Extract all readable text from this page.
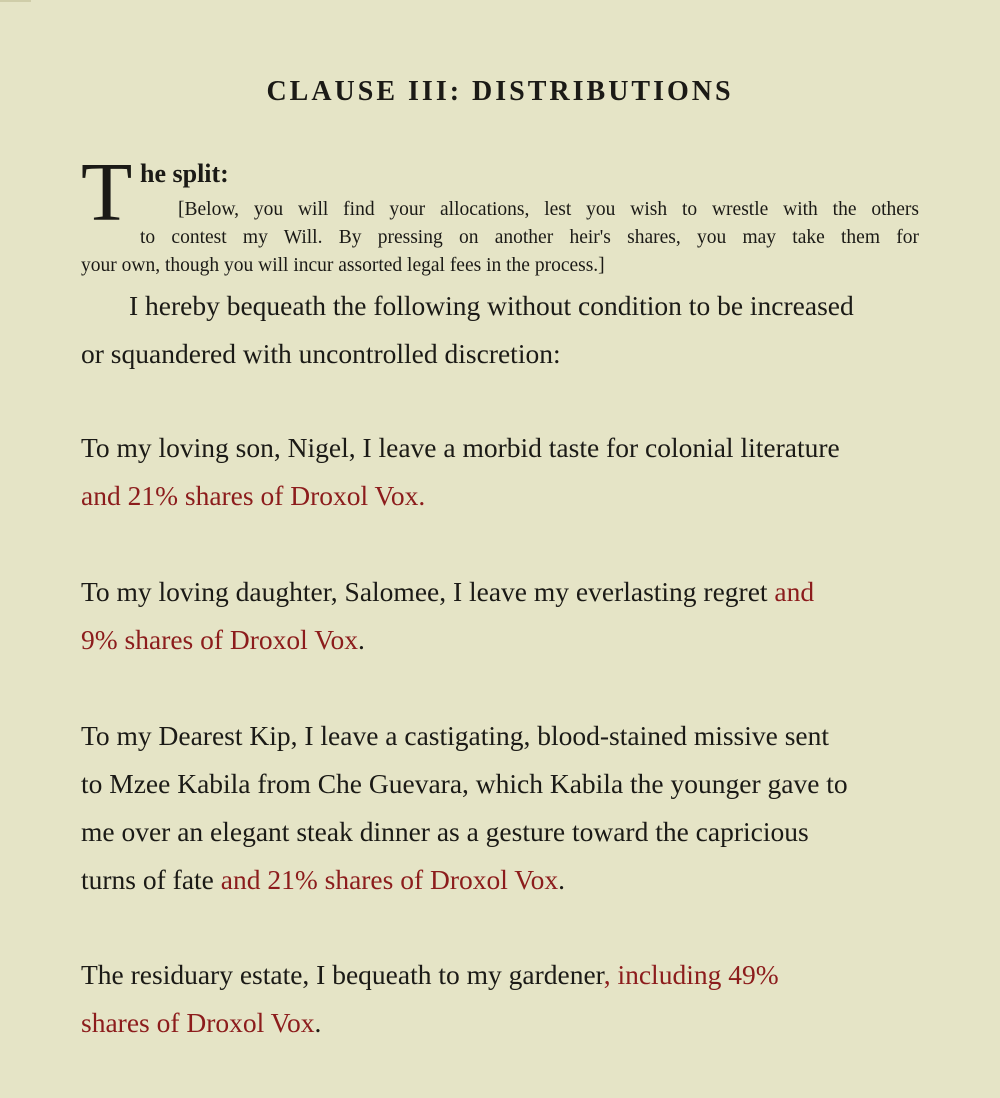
CLAUSE III: DISTRIBUTIONS
T he split:
[Below, you will find your allocations, lest you wish to wrestle with the others
to contest my Will. By pressing on another heir's shares, you may take them for
your own, though you will incur assorted legal fees in the process.]
I hereby bequeath the following without condition to be increased
or squandered with uncontrolled discretion:
To my loving son, Nigel, I leave a morbid taste for colonial literature
and 21% shares of Droxol Vox.
To my loving daughter, Salomee, I leave my everlasting regret and
9% shares of Droxol Vox.
To my Dearest Kip, I leave a castigating, blood-stained missive sent
to Mzee Kabila from Che Guevara, which Kabila the younger gave to
me over an elegant steak dinner as a gesture toward the capricious
turns of fate and 21% shares of Droxol Vox.
The residuary estate, I bequeath to my gardener, including 49%
shares of Droxol Vox.
